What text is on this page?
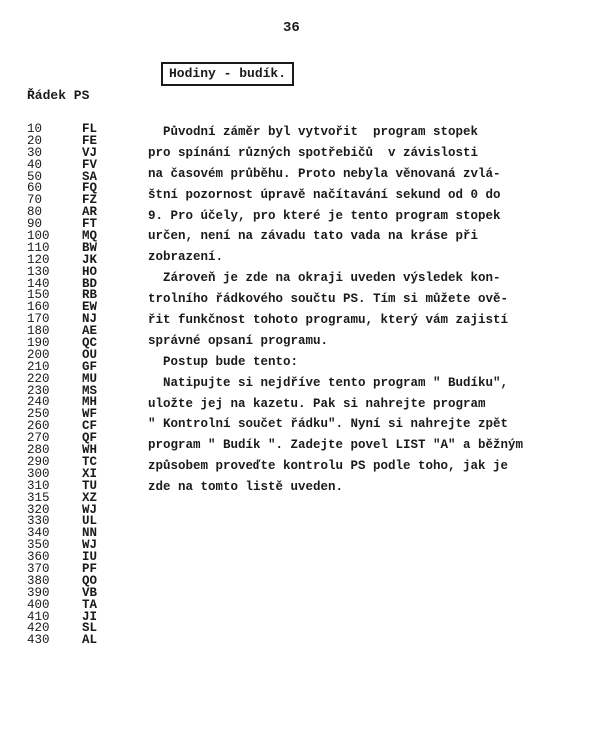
36
Hodiny - budík.
Řádek PS
10	FL
20	FE
30	VJ
40	FV
50	SA
60	FQ
70	FZ
80	AR
90	FT
100	MQ
110	BW
120	JK
130	HO
140	BD
150	RB
160	EW
170	NJ
180	AE
190	QC
200	OU
210	GF
220	MU
230	MS
240	MH
250	WF
260	CF
270	QF
280	WH
290	TC
300	XI
310	TU
315	XZ
320	WJ
330	UL
340	NN
350	WJ
360	IU
370	PF
380	QO
390	VB
400	TA
410	JI
420	SL
430	AL
Původní záměr byl vytvořit  program stopek
pro spínání různých spotřebičů  v závislosti
na časovém průběhu. Proto nebyla věnovaná zvlá-
štní pozornost úpravě načítavání sekund od 0 do
9. Pro účely, pro které je tento program stopek
určen, není na závadu tato vada na kráse při
zobrazení.
Zároveň je zde na okraji uveden výsledek kon-
trolního řádkového součtu PS. Tím si můžete ově-
řit funkčnost tohoto programu, který vám zajistí
správné opsaní programu.
Postup bude tento:
Natipujte si nejdříve tento program " Budíku",
uložte jej na kazetu. Pak si nahrejte program
" Kontrolní součet řádku". Nyní si nahrejte zpět
program " Budík ". Zadejte povel LIST "A" a běžným
způsobem proveďte kontrolu PS podle toho, jak je
zde na tomto listě uveden.
